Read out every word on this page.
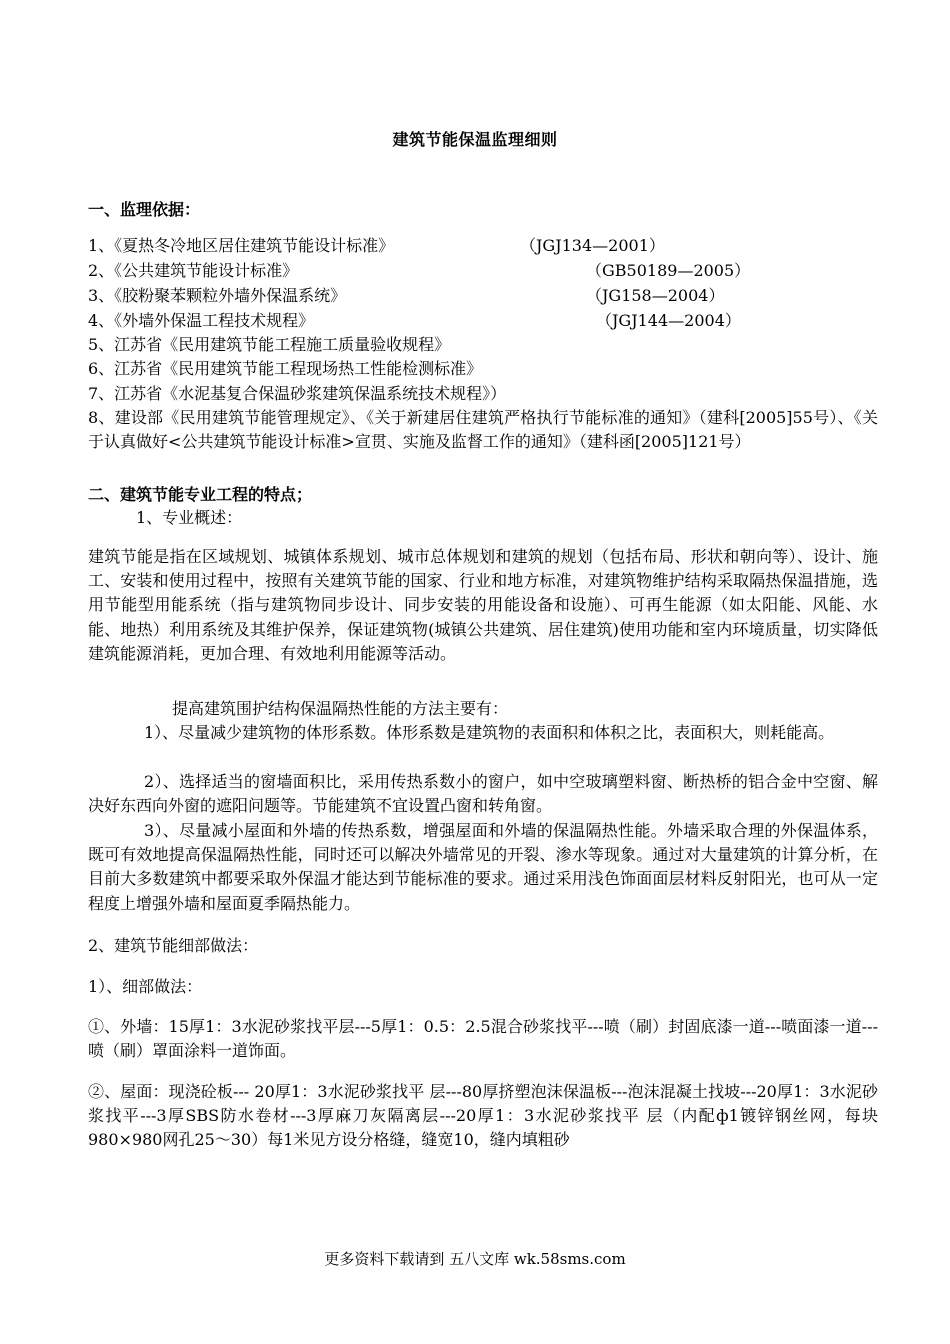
建筑节能保温监理细则
一、监理依据：
1、《夏热冬冷地区居住建筑节能设计标准》	（JGJ134—2001）
2、《公共建筑节能设计标准》	（GB50189—2005）
3、《胶粉聚苯颗粒外墙外保温系统》	（JG158—2004）
4、《外墙外保温工程技术规程》	（JGJ144—2004）
5、江苏省《民用建筑节能工程施工质量验收规程》
6、江苏省《民用建筑节能工程现场热工性能检测标准》
7、江苏省《水泥基复合保温砂浆建筑保温系统技术规程》）
8、建设部《民用建筑节能管理规定》、《关于新建居住建筑严格执行节能标准的通知》（建科[2005]55号）、《关于认真做好<公共建筑节能设计标准>宣贯、实施及监督工作的通知》（建科函[2005]121号）
二、建筑节能专业工程的特点；
1、专业概述：
建筑节能是指在区域规划、城镇体系规划、城市总体规划和建筑的规划（包括布局、形状和朝向等）、设计、施工、安装和使用过程中，按照有关建筑节能的国家、行业和地方标准，对建筑物维护结构采取隔热保温措施，选用节能型用能系统（指与建筑物同步设计、同步安装的用能设备和设施）、可再生能源（如太阳能、风能、水能、地热）利用系统及其维护保养，保证建筑物(城镇公共建筑、居住建筑)使用功能和室内环境质量，切实降低建筑能源消耗，更加合理、有效地利用能源等活动。
提高建筑围护结构保温隔热性能的方法主要有：
1）、尽量减少建筑物的体形系数。体形系数是建筑物的表面积和体积之比，表面积大，则耗能高。
2）、选择适当的窗墙面积比，采用传热系数小的窗户，如中空玻璃塑料窗、断热桥的铝合金中空窗、解决好东西向外窗的遮阳问题等。节能建筑不宜设置凸窗和转角窗。
3）、尽量减小屋面和外墙的传热系数，增强屋面和外墙的保温隔热性能。外墙采取合理的外保温体系，既可有效地提高保温隔热性能，同时还可以解决外墙常见的开裂、渗水等现象。通过对大量建筑的计算分析，在目前大多数建筑中都要采取外保温才能达到节能标准的要求。通过采用浅色饰面面层材料反射阳光，也可从一定程度上增强外墙和屋面夏季隔热能力。
2、建筑节能细部做法：
1）、细部做法：
①、外墙：15厚1：3水泥砂浆找平层---5厚1：0.5：2.5混合砂浆找平---喷（刷）封固底漆一道---喷面漆一道---喷（刷）罩面涂料一道饰面。
②、屋面：现浇砼板--- 20厚1：3水泥砂浆找平 层---80厚挤塑泡沫保温板---泡沫混凝土找坡---20厚1：3水泥砂浆找平---3厚SBS防水卷材---3厚麻刀灰隔离层---20厚1：3水泥砂浆找平 层（内配ф1镀锌钢丝网，每块980×980网孔25～30）每1米见方设分格缝，缝宽10，缝内填粗砂
更多资料下载请到 五八文库 wk.58sms.com
